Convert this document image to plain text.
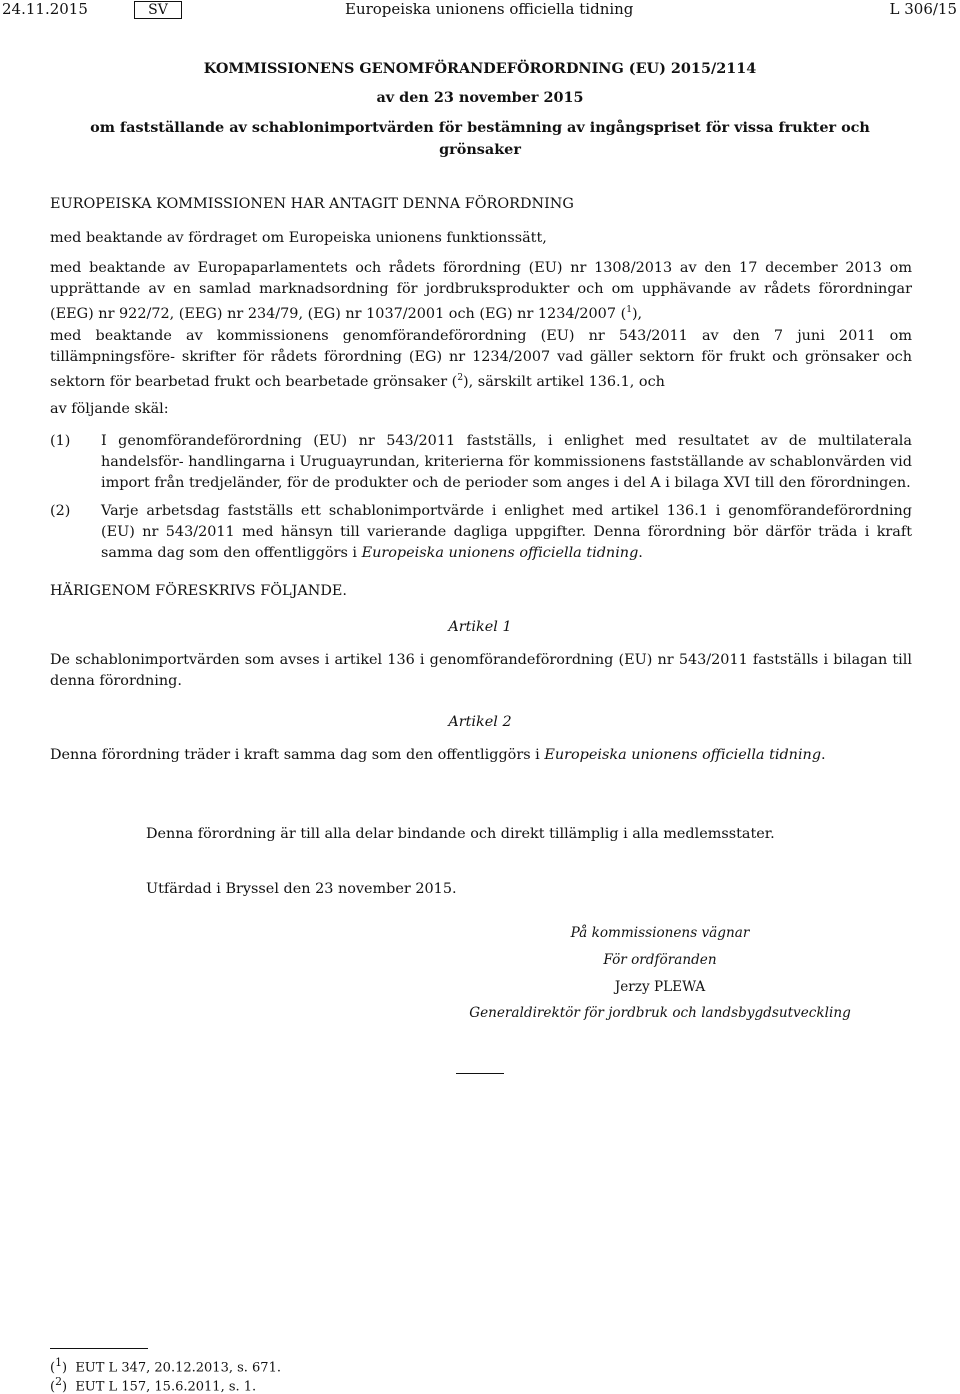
24.11.2015	SV	Europeiska unionens officiella tidning	L 306/15
KOMMISSIONENS GENOMFÖRANDEFÖRORDNING (EU) 2015/2114
av den 23 november 2015
om fastställande av schablonimportvärden för bestämning av ingångspriset för vissa frukter och
grönsaker
EUROPEISKA KOMMISSIONEN HAR ANTAGIT DENNA FÖRORDNING
med beaktande av fördraget om Europeiska unionens funktionssätt,
med beaktande av Europaparlamentets och rådets förordning (EU) nr 1308/2013 av den 17 december 2013 om upprättande av en samlad marknadsordning för jordbruksprodukter och om upphävande av rådets förordningar (EEG) nr 922/72, (EEG) nr 234/79, (EG) nr 1037/2001 och (EG) nr 1234/2007 ($^1$),
med beaktande av kommissionens genomförandeförordning (EU) nr 543/2011 av den 7 juni 2011 om tillämpningsföre- skrifter för rådets förordning (EG) nr 1234/2007 vad gäller sektorn för frukt och grönsaker och sektorn för bearbetad frukt och bearbetade grönsaker ($^2$), särskilt artikel 136.1, och
av följande skäl:
(1) I genomförandeförordning (EU) nr 543/2011 fastställs, i enlighet med resultatet av de multilaterala handelsför- handlingarna i Uruguayrundan, kriterierna för kommissionens fastställande av schablonvärden vid import från tredjeländer, för de produkter och de perioder som anges i del A i bilaga XVI till den förordningen.
(2) Varje arbetsdag fastställs ett schablonimportvärde i enlighet med artikel 136.1 i genomförandeförordning (EU) nr 543/2011 med hänsyn till varierande dagliga uppgifter. Denna förordning bör därför träda i kraft samma dag som den offentliggörs i Europeiska unionens officiella tidning.
HÄRIGENOM FÖRESKRIVS FÖLJANDE.
Artikel 1
De schablonimportvärden som avses i artikel 136 i genomförandeförordning (EU) nr 543/2011 fastställs i bilagan till denna förordning.
Artikel 2
Denna förordning träder i kraft samma dag som den offentliggörs i Europeiska unionens officiella tidning.
Denna förordning är till alla delar bindande och direkt tillämplig i alla medlemsstater.
Utfärdad i Bryssel den 23 november 2015.
På kommissionens vägnar
För ordföranden
Jerzy PLEWA
Generaldirektör för jordbruk och landsbygdsutveckling
($^1$)  EUT L 347, 20.12.2013, s. 671.
($^2$)  EUT L 157, 15.6.2011, s. 1.
